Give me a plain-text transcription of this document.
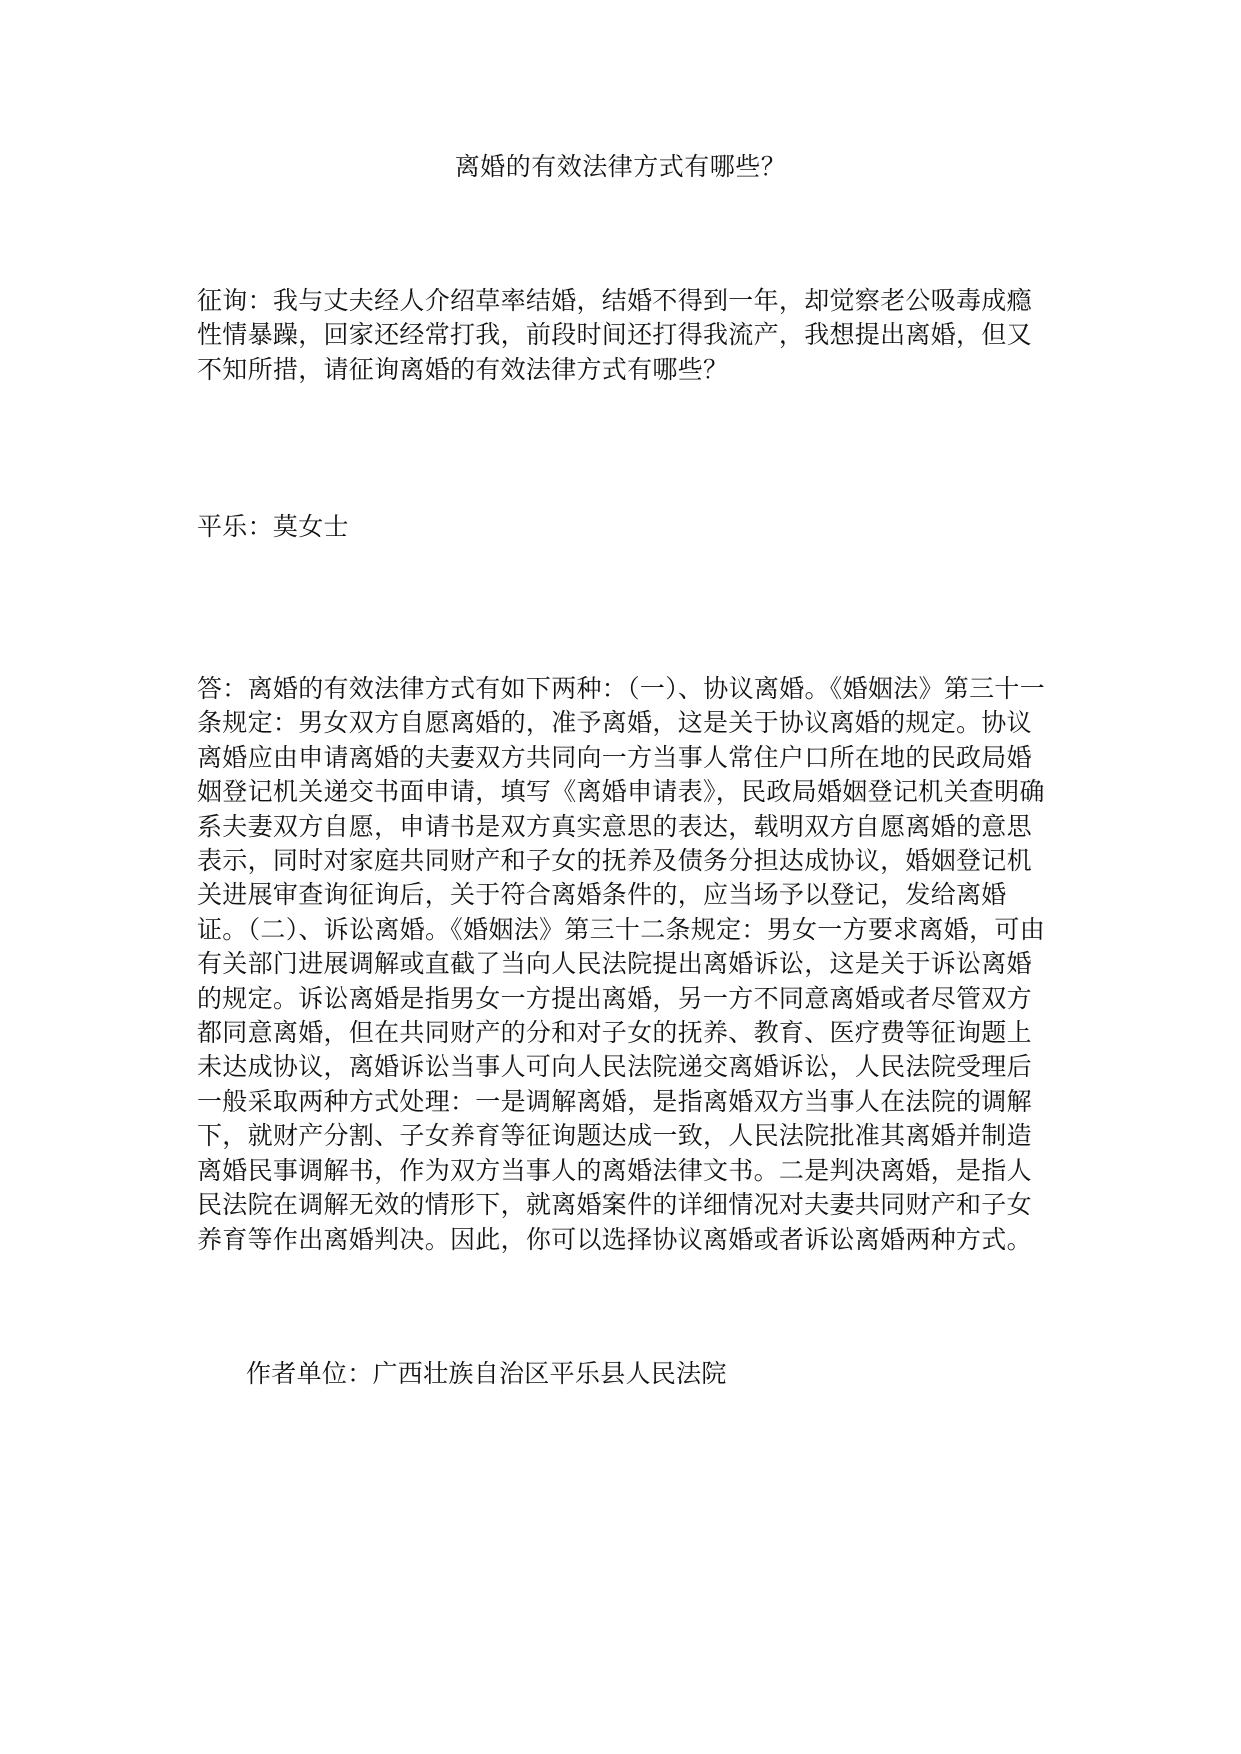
离婚的有效法律方式有哪些？
征询：我与丈夫经人介绍草率结婚，结婚不得到一年，却觉察老公吸毒成瘾性情暴躁，回家还经常打我，前段时间还打得我流产，我想提出离婚，但又不知所措，请征询离婚的有效法律方式有哪些？
平乐：莫女士
答：离婚的有效法律方式有如下两种：（一）、协议离婚。《婚姻法》第三十一条规定：男女双方自愿离婚的，准予离婚，这是关于协议离婚的规定。协议离婚应由申请离婚的夫妻双方共同向一方当事人常住户口所在地的民政局婚姻登记机关递交书面申请，填写《离婚申请表》，民政局婚姻登记机关查明确系夫妻双方自愿，申请书是双方真实意思的表达，载明双方自愿离婚的意思表示，同时对家庭共同财产和子女的抚养及债务分担达成协议，婚姻登记机关进展审查询征询后，关于符合离婚条件的，应当场予以登记，发给离婚证。（二）、诉讼离婚。《婚姻法》第三十二条规定：男女一方要求离婚，可由有关部门进展调解或直截了当向人民法院提出离婚诉讼，这是关于诉讼离婚的规定。诉讼离婚是指男女一方提出离婚，另一方不同意离婚或者尽管双方都同意离婚，但在共同财产的分和对子女的抚养、教育、医疗费等征询题上未达成协议，离婚诉讼当事人可向人民法院递交离婚诉讼，人民法院受理后一般采取两种方式处理：一是调解离婚，是指离婚双方当事人在法院的调解下，就财产分割、子女养育等征询题达成一致，人民法院批准其离婚并制造离婚民事调解书，作为双方当事人的离婚法律文书。二是判决离婚，是指人民法院在调解无效的情形下，就离婚案件的详细情况对夫妻共同财产和子女养育等作出离婚判决。因此，你可以选择协议离婚或者诉讼离婚两种方式。
作者单位：广西壮族自治区平乐县人民法院
